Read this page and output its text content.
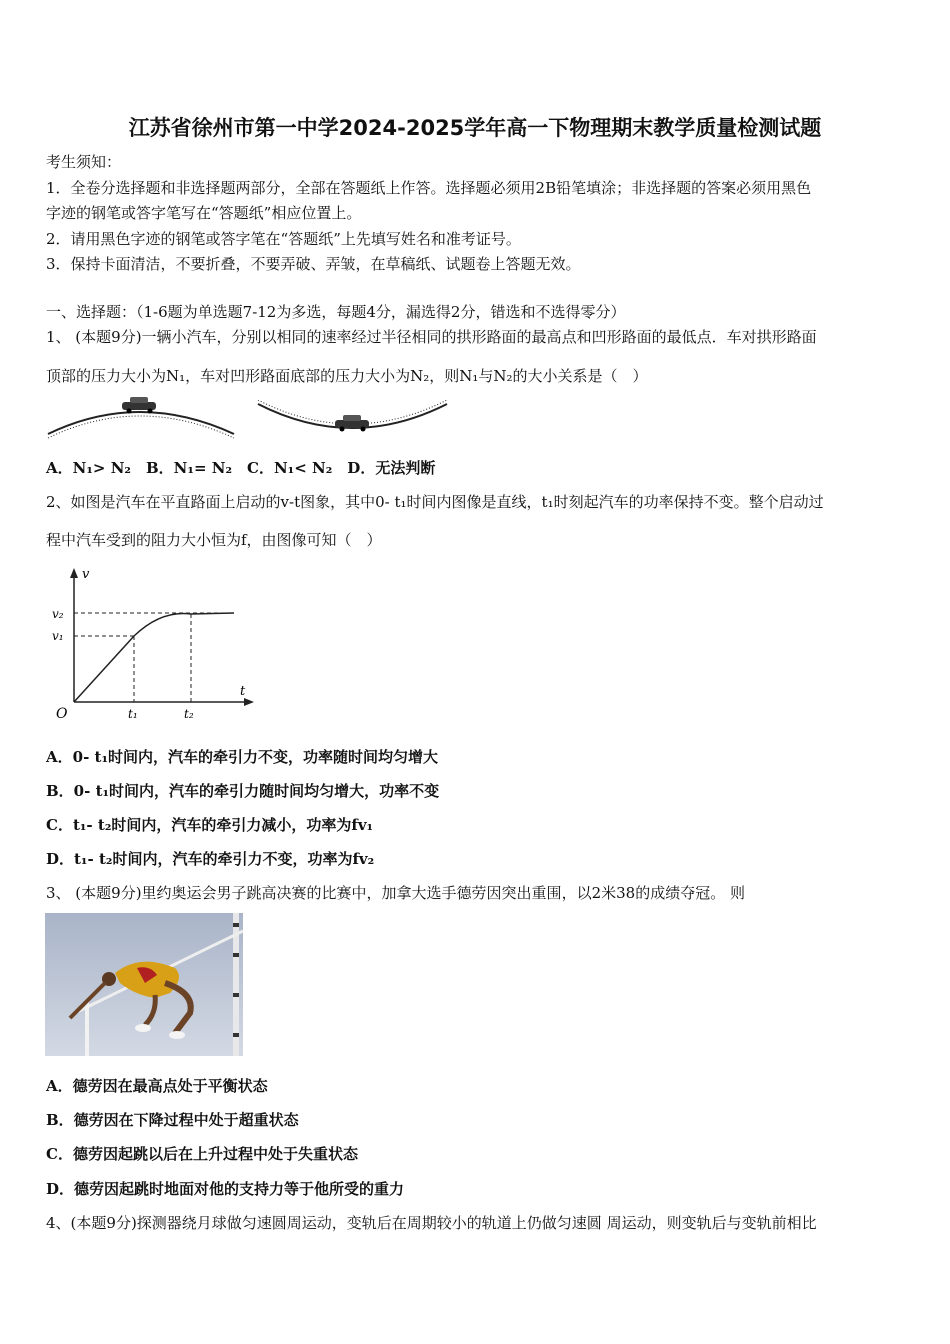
江苏省徐州市第一中学2024-2025学年高一下物理期末教学质量检测试题
考生须知：
1．全卷分选择题和非选择题两部分，全部在答题纸上作答。选择题必须用2B铅笔填涂；非选择题的答案必须用黑色
字迹的钢笔或答字笔写在“答题纸”相应位置上。
2．请用黑色字迹的钢笔或答字笔在“答题纸”上先填写姓名和准考证号。
3．保持卡面清洁，不要折叠，不要弄破、弄皱，在草稿纸、试题卷上答题无效。
一、选择题：（1-6题为单选题7-12为多选，每题4分，漏选得2分，错选和不选得零分）
1、 (本题9分)一辆小汽车，分别以相同的速率经过半径相同的拱形路面的最高点和凹形路面的最低点．车对拱形路面
顶部的压力大小为N₁，车对凹形路面底部的压力大小为N₂，则N₁与N₂的大小关系是（　）
A．N₁> N₂　B．N₁= N₂　C．N₁< N₂　D．无法判断
2、如图是汽车在平直路面上启动的v-t图象，其中0- t₁时间内图像是直线，t₁时刻起汽车的功率保持不变。整个启动过
程中汽车受到的阻力大小恒为f，由图像可知（　）
v
t
O
v₂
v₁
t₁	t₂
A．0- t₁时间内，汽车的牵引力不变，功率随时间均匀增大
B．0- t₁时间内，汽车的牵引力随时间均匀增大，功率不变
C．t₁- t₂时间内，汽车的牵引力减小，功率为fv₁
D．t₁- t₂时间内，汽车的牵引力不变，功率为fv₂
3、 (本题9分)里约奥运会男子跳高决赛的比赛中，加拿大选手德劳因突出重围，以2米38的成绩夺冠。 则
A．德劳因在最高点处于平衡状态
B．德劳因在下降过程中处于超重状态
C．德劳因起跳以后在上升过程中处于失重状态
D．德劳因起跳时地面对他的支持力等于他所受的重力
4、(本题9分)探测器绕月球做匀速圆周运动，变轨后在周期较小的轨道上仍做匀速圆 周运动，则变轨后与变轨前相比
